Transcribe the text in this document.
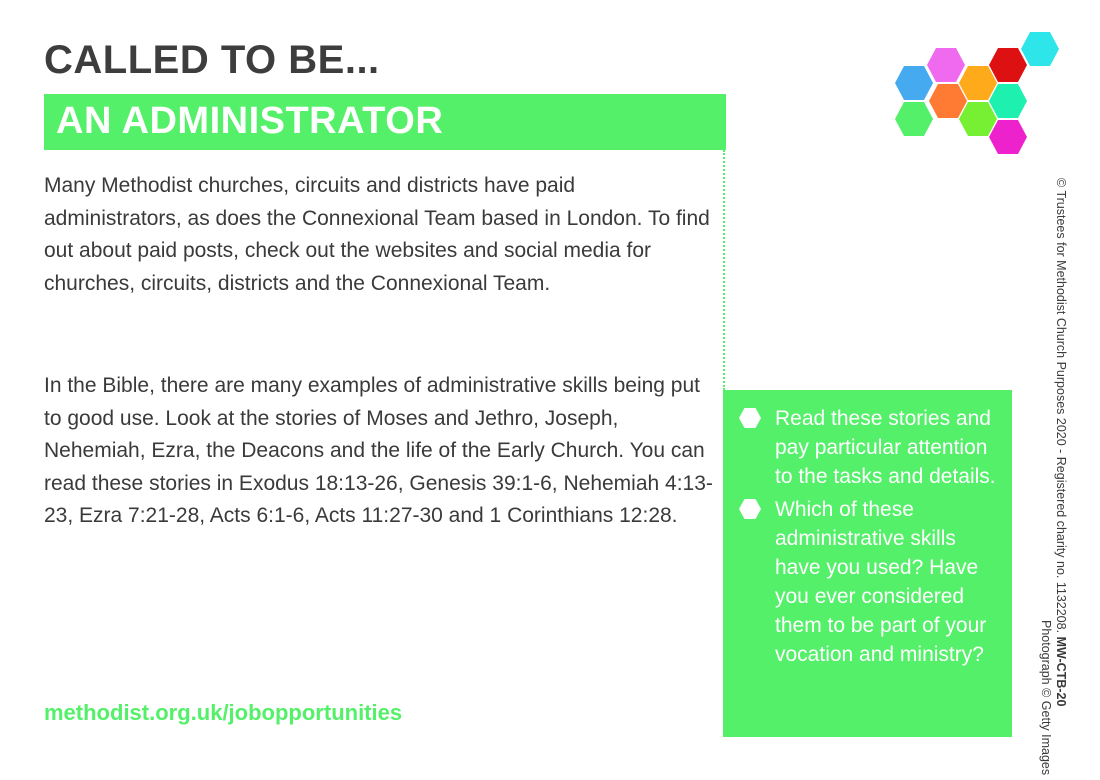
CALLED TO BE...
AN ADMINISTRATOR

Many Methodist churches, circuits and districts have paid administrators, as does the Connexional Team based in London. To find out about paid posts, check out the websites and social media for churches, circuits, districts and the Connexional Team.

In the Bible, there are many examples of administrative skills being put to good use. Look at the stories of Moses and Jethro, Joseph, Nehemiah, Ezra, the Deacons and the life of the Early Church. You can read these stories in Exodus 18:13-26, Genesis 39:1-6, Nehemiah 4:13-23, Ezra 7:21-28, Acts 6:1-6, Acts 11:27-30 and 1 Corinthians 12:28.

methodist.org.uk/jobopportunities
Read these stories and pay particular attention to the tasks and details.
Which of these administrative skills have you used? Have you ever considered them to be part of your vocation and ministry?
© Trustees for Methodist Church Purposes 2020 - Registered charity no. 1132208. MW-CTB-20
Photograph © Getty Images
